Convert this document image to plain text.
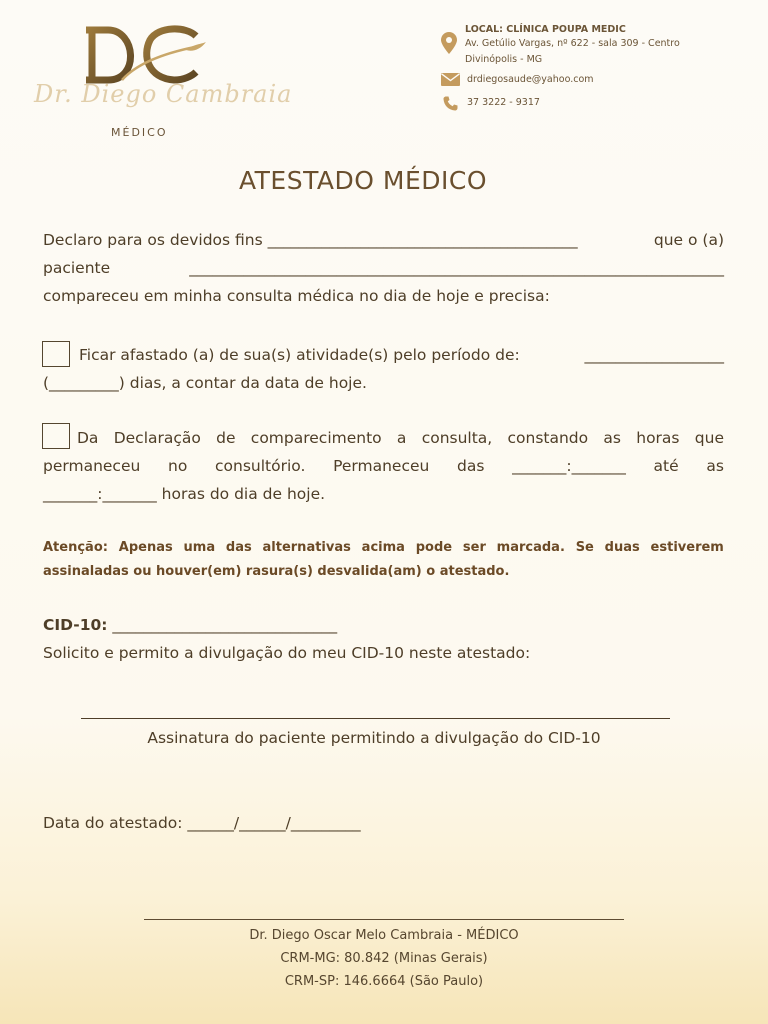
Dr. Diego Cambraia
MÉDICO
LOCAL: CLÍNICA POUPA MEDIC
Av. Getúlio Vargas, nº 622 - sala 309 - Centro
Divinópolis - MG
drdiegosaude@yahoo.com
37 3222 - 9317
ATESTADO MÉDICO
Declaro para os devidos fins ________________________________________	que o (a)
paciente	_____________________________________________________________________
compareceu em minha consulta médica no dia de hoje e precisa:
Ficar afastado (a) de sua(s) atividade(s) pelo período de:	__________________
(_________) dias, a contar da data de hoje.
Da Declaração de comparecimento a consulta, constando as horas que
permaneceu no consultório. Permaneceu das _______:_______ até as
_______:_______ horas do dia de hoje.
Atenção: Apenas uma das alternativas acima pode ser marcada. Se duas estiverem
assinaladas ou houver(em) rasura(s) desvalida(am) o atestado.
CID-10: _____________________________
Solicito e permito a divulgação do meu CID-10 neste atestado:
Assinatura do paciente permitindo a divulgação do CID-10
Data do atestado: ______/______/_________
Dr. Diego Oscar Melo Cambraia - MÉDICO
CRM-MG: 80.842 (Minas Gerais)
CRM-SP: 146.6664 (São Paulo)
